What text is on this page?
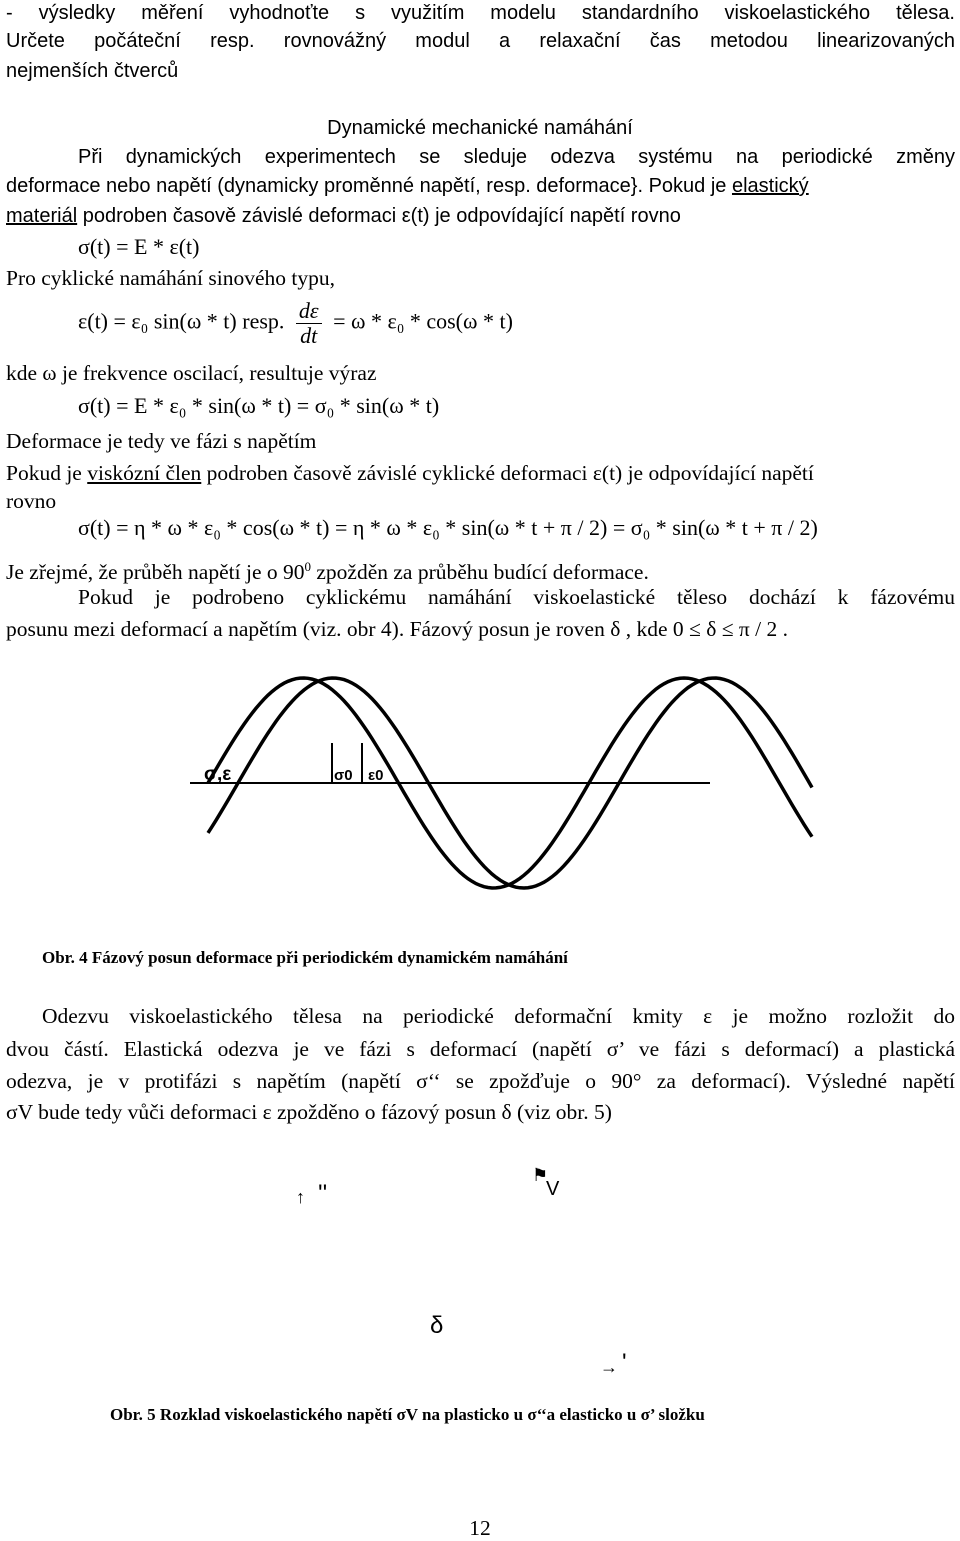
- výsledky měření vyhodnoťte s využitím modelu standardního viskoelastického tělesa.
Určete počáteční resp. rovnovážný modul a relaxační čas metodou linearizovaných
nejmenších čtverců
Dynamické mechanické namáhání
Při dynamických experimentech se sleduje odezva systému na periodické změny
deformace nebo napětí (dynamicky proměnné napětí, resp. deformace}. Pokud je elastický
materiál podroben časově závislé deformaci ε(t) je odpovídající napětí rovno
σ(t) = E * ε(t)
Pro cyklické namáhání sinového typu,
ε(t) = ε₀ sin(ω * t) resp. $\frac{d\varepsilon}{dt} = \omega * \varepsilon_0 * \cos(\omega * t)$
kde ω je frekvence oscilací, resultuje výraz
σ(t) = E * ε₀ * sin(ω * t) = σ₀ * sin(ω * t)
Deformace je tedy ve fázi s napětím
Pokud je viskózní člen podroben časově závislé cyklické deformaci ε(t) je odpovídající napětí
rovno
σ(t) = η * ω * ε₀ * cos(ω * t) = η * ω * ε₀ * sin(ω * t + π / 2) = σ₀ * sin(ω * t + π / 2)
Je zřejmé, že průběh napětí je o $90^0$ zpožděn za průběhu budící deformace.
Pokud je podrobeno cyklickému namáhání viskoelastické těleso dochází k fázovému
posunu mezi deformací a napětím (viz. obr 4). Fázový posun je roven δ , kde 0 ≤ δ ≤ π / 2 .
σ,ε	σ0 ε0
Obr. 4 Fázový posun deformace při periodickém dynamickém namáhání
Odezvu viskoelastického tělesa na periodické deformační kmity ε je možno rozložit do
dvou částí. Elastická odezva je ve fázi s deformací (napětí σ’ ve fázi s deformací) a plastická
odezva, je v protifázi s napětím (napětí σ‘‘ se zpožďuje o 90° za deformací). Výsledné napětí
σV bude tedy vůči deformaci ε zpožděno o fázový posun δ (viz obr. 5)
⚑
V
↑ ''
δ
→ '
Obr. 5 Rozklad viskoelastického napětí σV na plasticko u σ‘‘a elasticko u σ’ složku
12
